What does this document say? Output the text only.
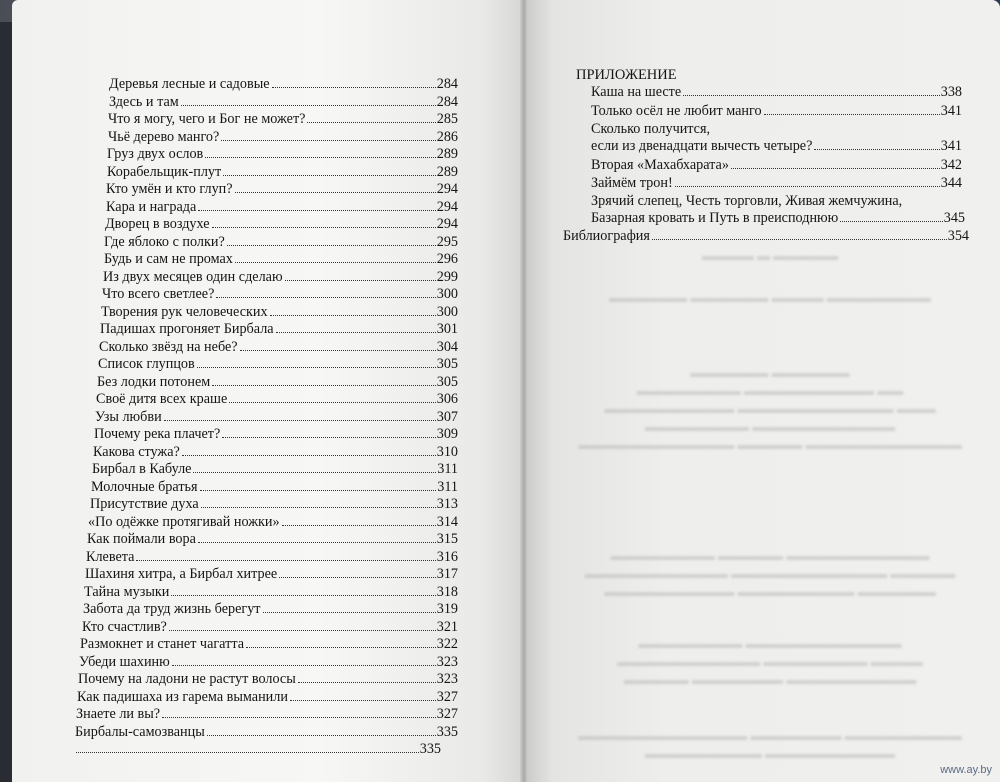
▬▬▬▬ ▬ ▬▬▬▬▬
▬▬▬▬▬▬ ▬▬▬▬▬▬ ▬▬▬▬ ▬▬▬▬▬▬▬▬
▬▬▬▬▬▬ ▬▬▬▬▬▬
▬▬▬▬▬▬▬▬ ▬▬▬▬▬▬▬▬▬▬ ▬▬
▬▬▬▬▬▬▬▬▬▬ ▬▬▬▬▬▬▬▬▬▬▬▬ ▬▬▬
▬▬▬▬▬▬▬▬ ▬▬▬▬▬▬▬▬▬▬▬
▬▬▬▬▬▬▬▬▬▬▬▬ ▬▬▬▬▬ ▬▬▬▬▬▬▬▬▬▬▬▬
▬▬▬▬▬▬▬▬ ▬▬▬▬▬ ▬▬▬▬▬▬▬▬▬▬▬
▬▬▬▬▬▬▬▬▬▬▬ ▬▬▬▬▬▬▬▬▬▬▬▬ ▬▬▬▬▬
▬▬▬▬▬▬▬▬▬▬ ▬▬▬▬▬▬▬▬▬ ▬▬▬▬▬▬
▬▬▬▬▬▬▬▬ ▬▬▬▬▬▬▬▬▬▬▬▬
▬▬▬▬▬▬▬▬▬▬▬ ▬▬▬▬▬▬▬▬ ▬▬▬▬
▬▬▬▬▬ ▬▬▬▬▬▬▬ ▬▬▬▬▬▬▬▬▬▬
▬▬▬▬▬▬▬▬▬▬▬▬▬ ▬▬▬▬▬▬▬ ▬▬▬▬▬▬▬▬▬
▬▬▬▬▬▬▬▬▬ ▬▬▬▬▬▬▬▬▬▬
Деревья лесные и садовые	284
Здесь и там	284
Что я могу, чего и Бог не может?	285
Чьё дерево манго?	286
Груз двух ослов	289
Корабельщик-плут	289
Кто умён и кто глуп?	294
Кара и награда	294
Дворец в воздухе	294
Где яблоко с полки?	295
Будь и сам не промах	296
Из двух месяцев один сделаю	299
Что всего светлее?	300
Творения рук человеческих	300
Падишах прогоняет Бирбала	301
Сколько звёзд на небе?	304
Список глупцов	305
Без лодки потонем	305
Своё дитя всех краше	306
Узы любви	307
Почему река плачет?	309
Какова стужа?	310
Бирбал в Кабуле	311
Молочные братья	311
Присутствие духа	313
«По одёжке протягивай ножки»	314
Как поймали вора	315
Клевета	316
Шахиня хитра, а Бирбал хитрее	317
Тайна музыки	318
Забота да труд жизнь берегут	319
Кто счастлив?	321
Размокнет и станет чагатта	322
Убеди шахиню	323
Почему на ладони не растут волосы	323
Как падишаха из гарема выманили	327
Знаете ли вы?	327
Бирбалы-самозванцы	335
335
ПРИЛОЖЕНИЕ
Каша на шесте	338
Только осёл не любит манго	341
Сколько получится,
если из двенадцати вычесть четыре?	341
Вторая «Махабхарата»	342
Займём трон!	344
Зрячий слепец, Честь торговли, Живая жемчужина,
Базарная кровать и Путь в преисподнюю	345
Библиография	354
www.ay.by
